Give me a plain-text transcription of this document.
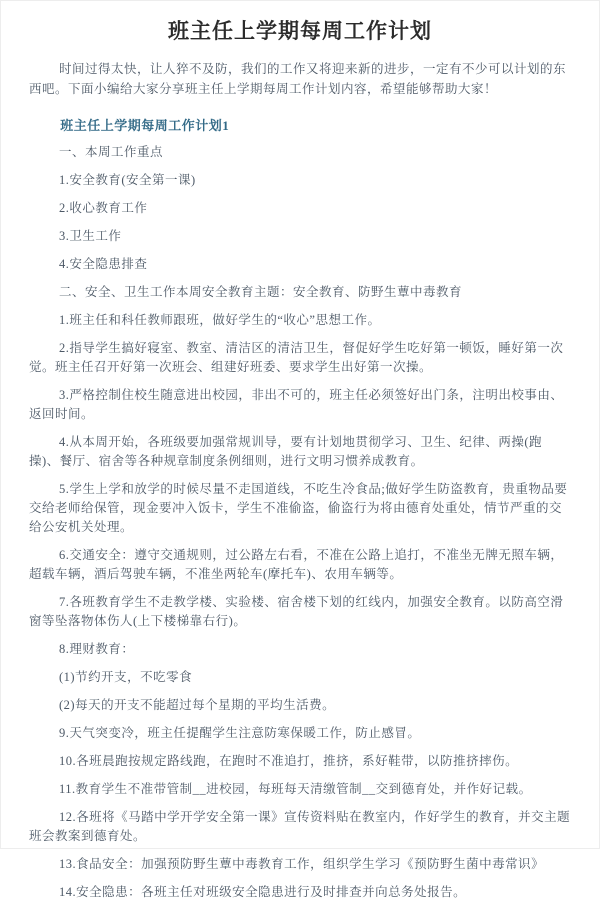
班主任上学期每周工作计划

时间过得太快，让人猝不及防，我们的工作又将迎来新的进步，一定有不少可以计划的东西吧。下面小编给大家分享班主任上学期每周工作计划内容，希望能够帮助大家！

班主任上学期每周工作计划1

一、本周工作重点

1.安全教育(安全第一课)

2.收心教育工作

3.卫生工作

4.安全隐患排查

二、安全、卫生工作本周安全教育主题：安全教育、防野生蕈中毒教育

1.班主任和科任教师跟班，做好学生的“收心”思想工作。

2.指导学生搞好寝室、教室、清洁区的清洁卫生，督促好学生吃好第一顿饭，睡好第一次觉。班主任召开好第一次班会、组建好班委、要求学生出好第一次操。

3.严格控制住校生随意进出校园，非出不可的，班主任必须签好出门条，注明出校事由、返回时间。

4.从本周开始，各班级要加强常规训导，要有计划地贯彻学习、卫生、纪律、两操(跑操)、餐厅、宿舍等各种规章制度条例细则，进行文明习惯养成教育。

5.学生上学和放学的时候尽量不走国道线，不吃生冷食品;做好学生防盗教育，贵重物品要交给老师给保管，现金要冲入饭卡，学生不准偷盗，偷盗行为将由德育处重处，情节严重的交给公安机关处理。

6.交通安全：遵守交通规则，过公路左右看，不准在公路上追打，不准坐无牌无照车辆，超载车辆，酒后驾驶车辆，不准坐两轮车(摩托车)、农用车辆等。

7.各班教育学生不走教学楼、实验楼、宿舍楼下划的红线内，加强安全教育。以防高空滑窗等坠落物体伤人(上下楼梯靠右行)。

8.理财教育：

(1)节约开支，不吃零食

(2)每天的开支不能超过每个星期的平均生活费。

9.天气突变冷，班主任提醒学生注意防寒保暖工作，防止感冒。

10.各班晨跑按规定路线跑，在跑时不准追打，推挤，系好鞋带，以防推挤摔伤。

11.教育学生不准带管制__进校园，每班每天清缴管制__交到德育处，并作好记载。

12.各班将《马踏中学开学安全第一课》宣传资料贴在教室内，作好学生的教育，并交主题班会教案到德育处。

13.食品安全：加强预防野生蕈中毒教育工作，组织学生学习《预防野生菌中毒常识》

14.安全隐患：各班主任对班级安全隐患进行及时排查并向总务处报告。
